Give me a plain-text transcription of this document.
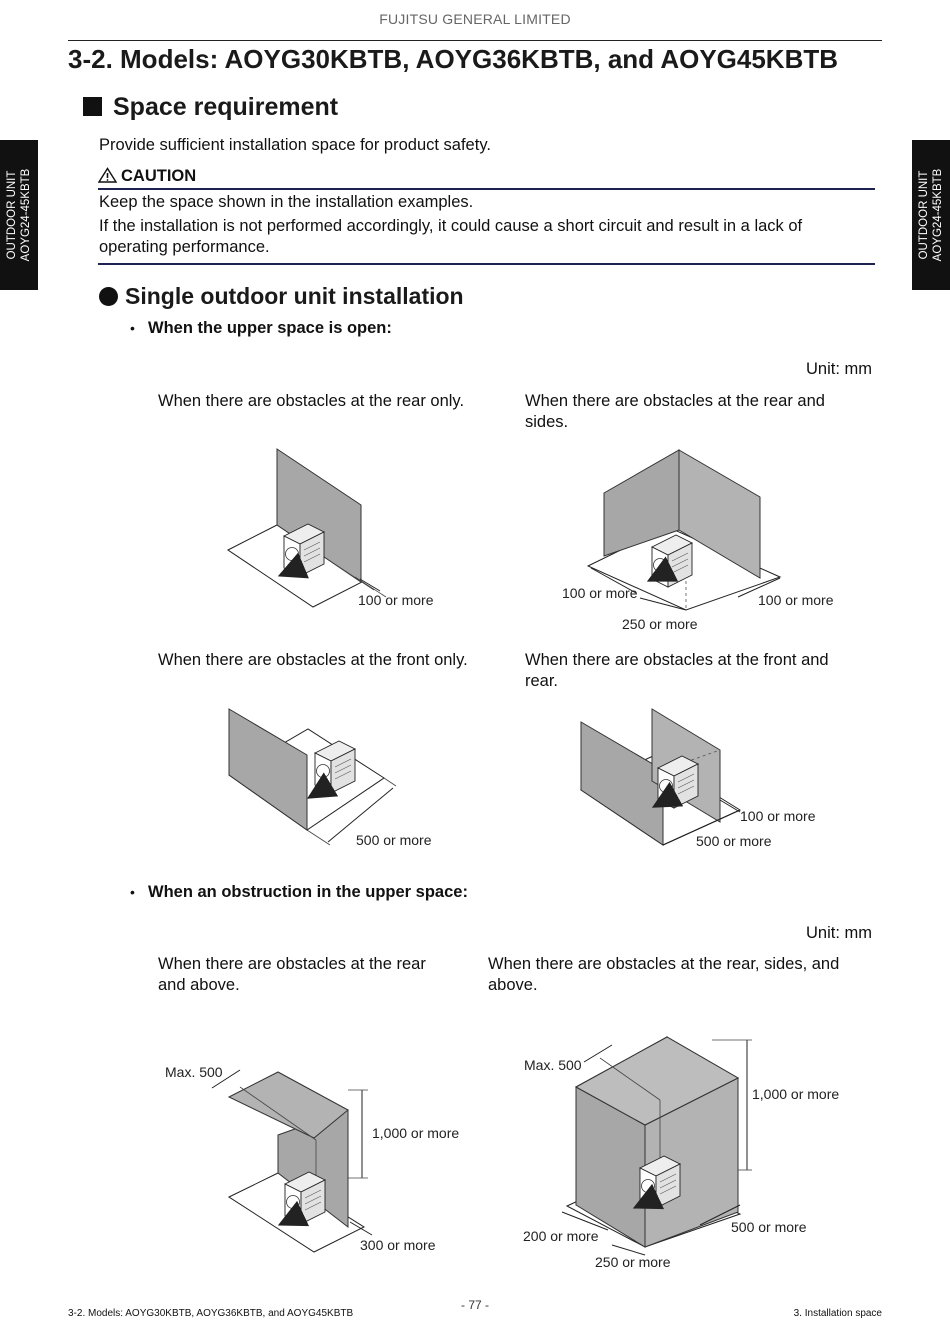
FUJITSU GENERAL LIMITED
3-2. Models: AOYG30KBTB, AOYG36KBTB, and AOYG45KBTB
OUTDOOR UNIT AOYG24-45KBTB	OUTDOOR UNIT AOYG24-45KBTB
Space requirement
Provide sufficient installation space for product safety.
CAUTION
Keep the space shown in the installation examples.
If the installation is not performed accordingly, it could cause a short circuit and result in a lack of
operating performance.
Single outdoor unit installation
• When the upper space is open:
Unit: mm
When there are obstacles at the rear only.	When there are obstacles at the rear and
sides.
When there are obstacles at the front only.	When there are obstacles at the front and
rear.
• When an obstruction in the upper space:
Unit: mm
When there are obstacles at the rear
and above.
When there are obstacles at the rear, sides, and
above.
100 or more	100 or more	100 or more
250 or more
500 or more
100 or more
500 or more
Max. 500
1,000 or more
300 or more
Max. 500
1,000 or more
200 or more
250 or more
500 or more
- 77 -
3-2. Models: AOYG30KBTB, AOYG36KBTB, and AOYG45KBTB	3. Installation space
